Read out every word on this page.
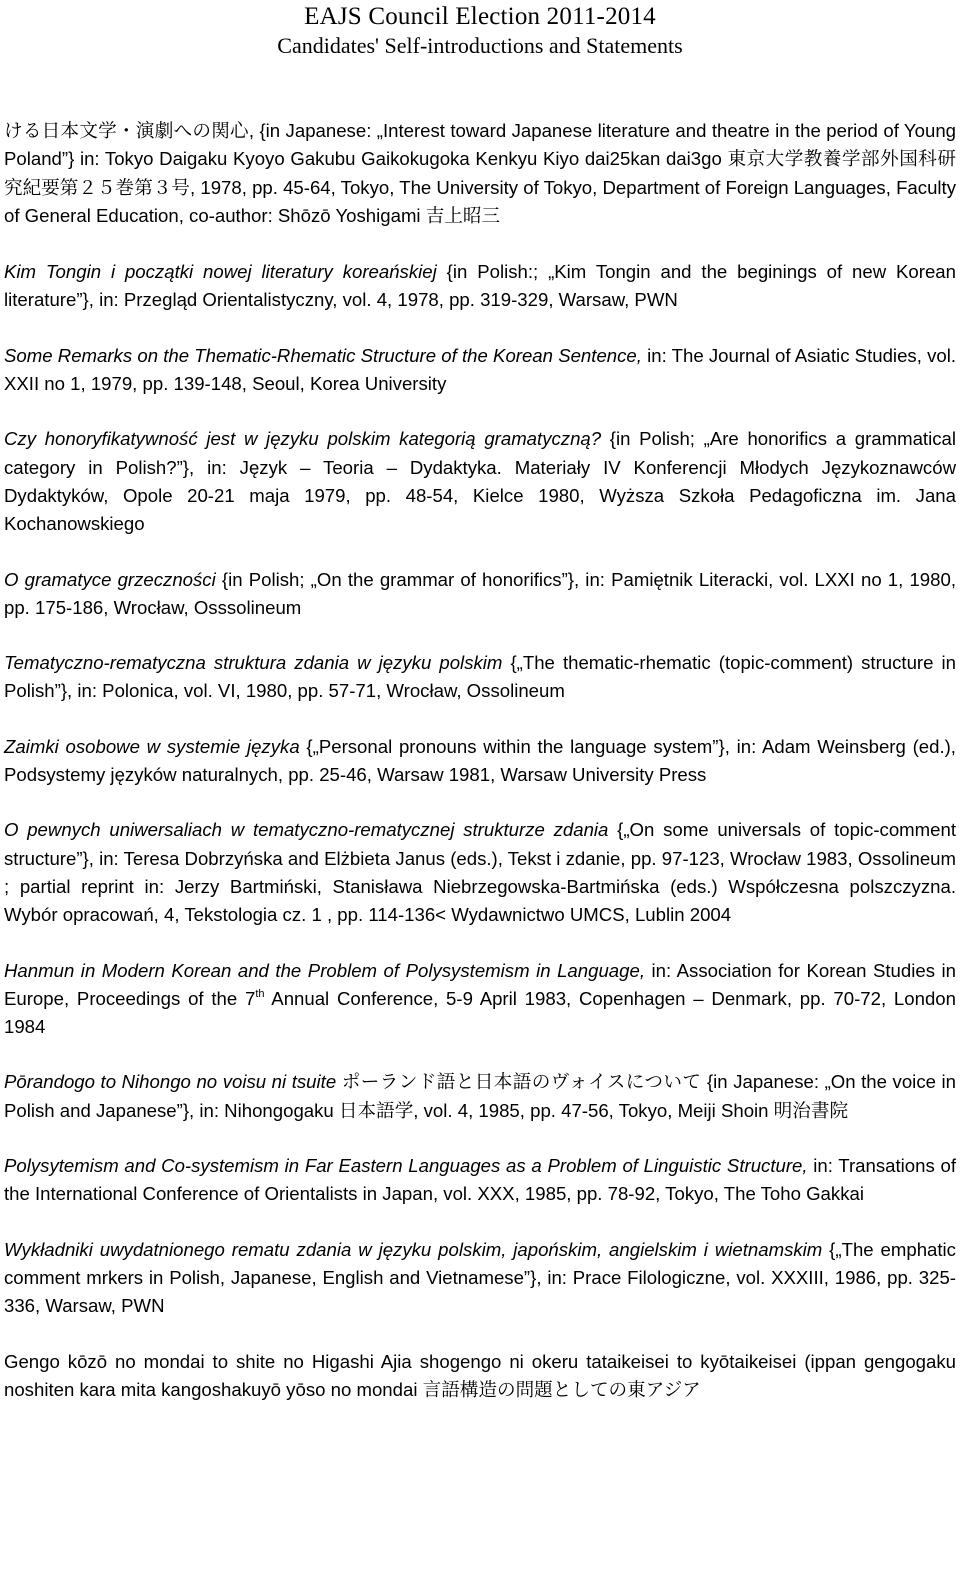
EAJS Council Election 2011-2014
Candidates' Self-introductions and Statements

ける日本文学・演劇への関心, {in Japanese: „Interest toward Japanese literature and theatre in the period of Young Poland”} in: Tokyo Daigaku Kyoyo Gakubu Gaikokugoka Kenkyu Kiyo dai25kan dai3go 東京大学教養学部外国科研究紀要第２５巻第３号, 1978, pp. 45-64, Tokyo, The University of Tokyo, Department of Foreign Languages, Faculty of General Education, co-author: Shōzō Yoshigami 吉上昭三

Kim Tongin i początki nowej literatury koreańskiej {in Polish:; „Kim Tongin and the beginings of new Korean literature”}, in: Przegląd Orientalistyczny, vol. 4, 1978, pp. 319-329, Warsaw, PWN

Some Remarks on the Thematic-Rhematic Structure of the Korean Sentence, in: The Journal of Asiatic Studies, vol. XXII no 1, 1979, pp. 139-148, Seoul, Korea University

Czy honoryfikatywność jest w języku polskim kategorią gramatyczną? {in Polish; „Are honorifics a grammatical category in Polish?”}, in: Język – Teoria – Dydaktyka. Materiały IV Konferencji Młodych Językoznawców Dydaktyków, Opole 20-21 maja 1979, pp. 48-54, Kielce 1980, Wyższa Szkoła Pedagoficzna im. Jana Kochanowskiego

O gramatyce grzeczności {in Polish; „On the grammar of honorifics”}, in: Pamiętnik Literacki, vol. LXXI no 1, 1980, pp. 175-186, Wrocław, Osssolineum

Tematyczno-rematyczna struktura zdania w języku polskim {„The thematic-rhematic (topic-comment) structure in Polish”}, in: Polonica, vol. VI, 1980, pp. 57-71, Wrocław, Ossolineum

Zaimki osobowe w systemie języka {„Personal pronouns within the language system”}, in: Adam Weinsberg (ed.), Podsystemy języków naturalnych, pp. 25-46, Warsaw 1981, Warsaw University Press

O pewnych uniwersaliach w tematyczno-rematycznej strukturze zdania {„On some universals of topic-comment structure”}, in: Teresa Dobrzyńska and Elżbieta Janus (eds.), Tekst i zdanie, pp. 97-123, Wrocław 1983, Ossolineum ; partial reprint in: Jerzy Bartmiński, Stanisława Niebrzegowska-Bartmińska (eds.) Współczesna polszczyzna. Wybór opracowań, 4, Tekstologia cz. 1 , pp. 114-136< Wydawnictwo UMCS, Lublin 2004

Hanmun in Modern Korean and the Problem of Polysystemism in Language, in: Association for Korean Studies in Europe, Proceedings of the 7th Annual Conference, 5-9 April 1983, Copenhagen – Denmark, pp. 70-72, London 1984

Pōrandogo to Nihongo no voisu ni tsuite ポーランド語と日本語のヴォイスについて {in Japanese: „On the voice in Polish and Japanese”}, in: Nihongogaku 日本語学, vol. 4, 1985, pp. 47-56, Tokyo, Meiji Shoin 明治書院

Polysytemism and Co-systemism in Far Eastern Languages as a Problem of Linguistic Structure, in: Transations of the International Conference of Orientalists in Japan, vol. XXX, 1985, pp. 78-92, Tokyo, The Toho Gakkai

Wykładniki uwydatnionego rematu zdania w języku polskim, japońskim, angielskim i wietnamskim {„The emphatic comment mrkers in Polish, Japanese, English and Vietnamese”}, in: Prace Filologiczne, vol. XXXIII, 1986, pp. 325-336, Warsaw, PWN

Gengo kōzō no mondai to shite no Higashi Ajia shogengo ni okeru tataikeisei to kyōtaikeisei (ippan gengogaku noshiten kara mita kangoshakuyō yōso no mondai 言語構造の問題としての東アジア
